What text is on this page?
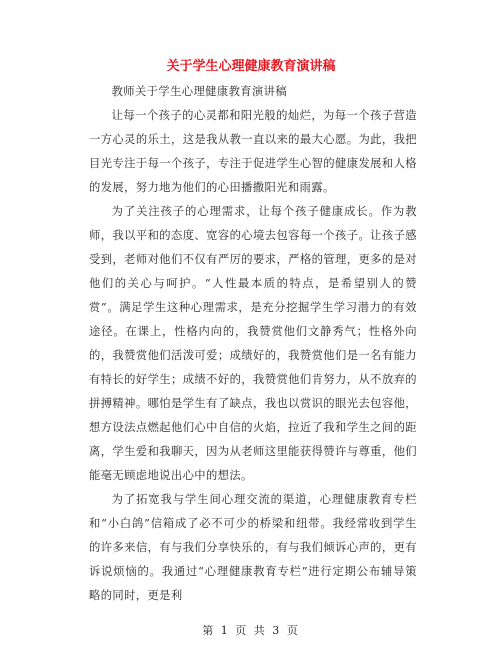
关于学生心理健康教育演讲稿

教师关于学生心理健康教育演讲稿

让每一个孩子的心灵都和阳光般的灿烂，为每一个孩子营造一方心灵的乐土，这是我从教一直以来的最大心愿。为此，我把目光专注于每一个孩子，专注于促进学生心智的健康发展和人格的发展，努力地为他们的心田播撒阳光和雨露。

为了关注孩子的心理需求，让每个孩子健康成长。作为教师，我以平和的态度、宽容的心境去包容每一个孩子。让孩子感受到，老师对他们不仅有严厉的要求，严格的管理，更多的是对他们的关心与呵护。“人性最本质的特点，是希望别人的赞赏”。满足学生这种心理需求，是充分挖掘学生学习潜力的有效途径。在课上，性格内向的，我赞赏他们文静秀气；性格外向的，我赞赏他们活泼可爱；成绩好的，我赞赏他们是一名有能力有特长的好学生；成绩不好的，我赞赏他们肯努力，从不放弃的拼搏精神。哪怕是学生有了缺点，我也以赏识的眼光去包容他，想方设法点燃起他们心中自信的火焰，拉近了我和学生之间的距离，学生爱和我聊天，因为从老师这里能获得赞许与尊重，他们能毫无顾虑地说出心中的想法。

为了拓宽我与学生间心理交流的渠道，心理健康教育专栏和“小白鸽”信箱成了必不可少的桥梁和纽带。我经常收到学生的许多来信，有与我们分享快乐的，有与我们倾诉心声的，更有诉说烦恼的。我通过“心理健康教育专栏”进行定期公布辅导策略的同时，更是利

第 1 页 共 3 页
